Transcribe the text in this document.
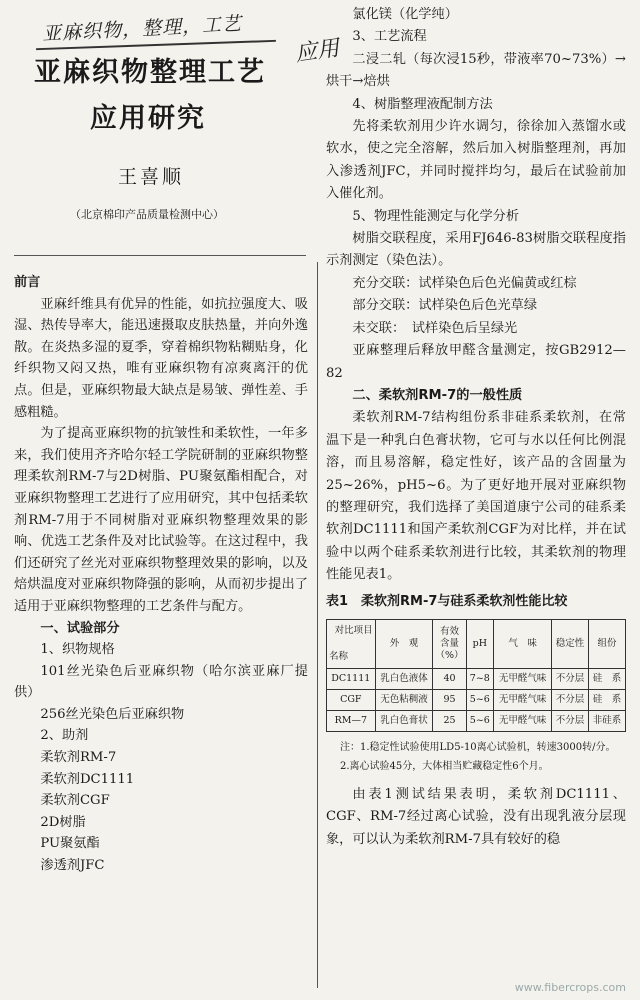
亚麻织物，整理，工艺
应用
亚麻织物整理工艺
应用研究
王喜顺
（北京棉印产品质量检测中心）

前言

亚麻纤维具有优异的性能，如抗拉强度大、吸湿、热传导率大，能迅速摄取皮肤热量，并向外逸散。在炎热多湿的夏季，穿着棉织物粘糊贴身，化纤织物又闷又热，唯有亚麻织物有凉爽离汗的优点。但是，亚麻织物最大缺点是易皱、弹性差、手感粗糙。

为了提高亚麻织物的抗皱性和柔软性，一年多来，我们使用齐齐哈尔轻工学院研制的亚麻织物整理柔软剂RM-7与2D树脂、PU聚氨酯相配合，对亚麻织物整理工艺进行了应用研究，其中包括柔软剂RM-7用于不同树脂对亚麻织物整理效果的影响、优选工艺条件及对比试验等。在这过程中，我们还研究了丝光对亚麻织物整理效果的影响，以及焙烘温度对亚麻织物降强的影响，从而初步提出了适用于亚麻织物整理的工艺条件与配方。

一、试验部分

1、织物规格

101丝光染色后亚麻织物（哈尔滨亚麻厂提供）

256丝光染色后亚麻织物

2、助剂

柔软剂RM-7

柔软剂DC1111

柔软剂CGF

2D树脂

PU聚氨酯

渗透剂JFC

氯化镁（化学纯）

3、工艺流程

二浸二轧（每次浸15秒，带液率70~73%）→烘干→焙烘

4、树脂整理液配制方法

先将柔软剂用少许水调匀，徐徐加入蒸馏水或软水，使之完全溶解，然后加入树脂整理剂，再加入渗透剂JFC，并同时搅拌均匀，最后在试验前加入催化剂。

5、物理性能测定与化学分析

树脂交联程度，采用FJ646-83树脂交联程度指示剂测定（染色法）。

充分交联：试样染色后色光偏黄或红棕

部分交联：试样染色后色光草绿

未交联：　试样染色后呈绿光

亚麻整理后释放甲醛含量测定，按GB2912—82

二、柔软剂RM-7的一般性质

柔软剂RM-7结构组份系非硅系柔软剂，在常温下是一种乳白色膏状物，它可与水以任何比例混溶，而且易溶解，稳定性好，该产品的含固量为25~26%，pH5~6。为了更好地开展对亚麻织物的整理研究，我们选择了美国道康宁公司的硅系柔软剂DC1111和国产柔软剂CGF为对比样，并在试验中以两个硅系柔软剂进行比较，其柔软剂的物理性能见表1。

表1　柔软剂RM-7与硅系柔软剂性能比较

对比项目
名称	外　观	有效含量（%）	pH	气　味	稳定性	组份
DC1111	乳白色液体	40	7~8	无甲醛气味	不分层	硅　系
CGF	无色粘稠液	95	5~6	无甲醛气味	不分层	硅　系
RM—7	乳白色膏状	25	5~6	无甲醛气味	不分层	非硅系
注：1.稳定性试验使用LD5-10离心试验机，转速3000转/分。
2.离心试验45分，大体相当贮藏稳定性6个月。

由表1测试结果表明，柔软剂DC1111、CGF、RM-7经过离心试验，没有出现乳液分层现象，可以认为柔软剂RM-7具有较好的稳

www.fibercrops.com
